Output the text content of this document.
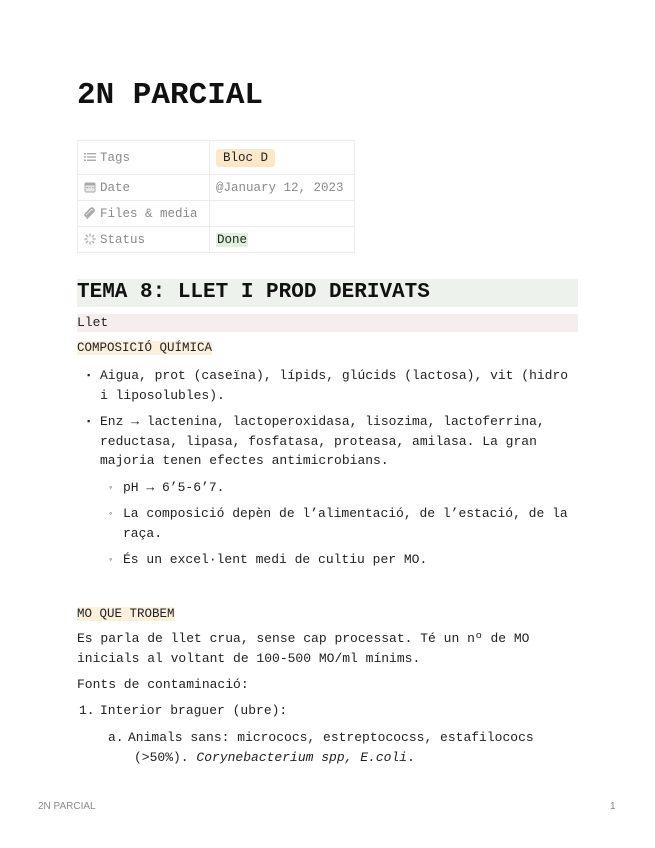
2N PARCIAL
Tags	Bloc D
Date	@January 12, 2023
Files & media	
Status	Done
TEMA 8: LLET I PROD DERIVATS
Llet
COMPOSICIÓ QUÍMICA
▪ Aigua, prot (caseïna), lípids, glúcids (lactosa), vit (hidro
i liposolubles).
▪ Enz → lactenina, lactoperoxidasa, lisozima, lactoferrina,
reductasa, lipasa, fosfatasa, proteasa, amilasa. La gran
majoria tenen efectes antimicrobians.
◦ pH → 6’5-6’7.
◦ La composició depèn de l’alimentació, de l’estació, de la
raça.
◦ És un excel·lent medi de cultiu per MO.
MO QUE TROBEM
Es parla de llet crua, sense cap processat. Té un nº de MO
inicials al voltant de 100-500 MO/ml mínims.
Fonts de contaminació:
1. Interior braguer (ubre):
a. Animals sans: micrococs, estreptococss, estafilococs
(>50%). Corynebacterium spp, E.coli.
2N PARCIAL	1
